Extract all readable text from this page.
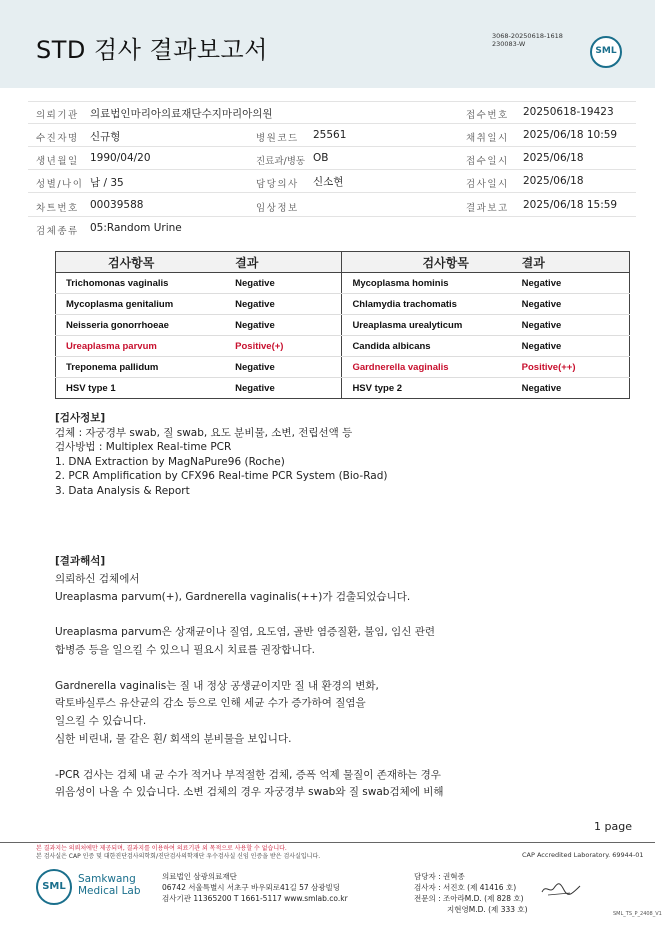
STD 검사 결과보고서	3068-20250618-1618
230083-W
SML
의뢰기관 의료법인마리아의료재단수지마리아의원	접수번호 20250618-19423
수진자명 신규형	병원코드 25561	채취일시 2025/06/18 10:59
생년월일 1990/04/20	진료과/병동 OB	접수일시 2025/06/18
성별/나이 남 / 35	담당의사 신소현	검사일시 2025/06/18
차트번호 00039588	임상정보	결과보고 2025/06/18 15:59
검체종류 05:Random Urine
검사항목	결과	검사항목	결과
Trichomonas vaginalis	Negative	Mycoplasma hominis	Negative
Mycoplasma genitalium	Negative	Chlamydia trachomatis	Negative
Neisseria gonorrhoeae	Negative	Ureaplasma urealyticum	Negative
Ureaplasma parvum	Positive(+)	Candida albicans	Negative
Treponema pallidum	Negative	Gardnerella vaginalis	Positive(++)
HSV type 1	Negative	HSV type 2	Negative
[검사정보]
검체 : 자궁경부 swab, 질 swab, 요도 분비물, 소변, 전립선액 등
검사방법 : Multiplex Real-time PCR
1. DNA Extraction by MagNaPure96 (Roche)
2. PCR Amplification by CFX96 Real-time PCR System (Bio-Rad)
3. Data Analysis & Report
[결과해석]
의뢰하신 검체에서
Ureaplasma parvum(+), Gardnerella vaginalis(++)가 검출되었습니다.
Ureaplasma parvum은 상재균이나 질염, 요도염, 골반 염증질환, 불임, 임신 관련
합병증 등을 일으킬 수 있으니 필요시 치료를 권장합니다.
Gardnerella vaginalis는 질 내 정상 공생균이지만 질 내 환경의 변화,
락토바실루스 유산균의 감소 등으로 인해 세균 수가 증가하여 질염을
일으킬 수 있습니다.
심한 비린내, 물 같은 흰/ 회색의 분비물을 보입니다.
-PCR 검사는 검체 내 균 수가 적거나 부적절한 검체, 증폭 억제 물질이 존재하는 경우
위음성이 나올 수 있습니다. 소변 검체의 경우 자궁경부 swab와 질 swab검체에 비해
1 page
본 결과지는 의뢰처에만 제공되며, 결과지를 이용하여 의료기관 외 목적으로 사용할 수 없습니다.
본 검사실은 CAP 인증 및 대한진단검사의학회/진단검사의학재단 우수검사실 신임 인증을 받은 검사실입니다.	CAP Accredited Laboratory. 69944-01
SML
Samkwang
Medical Lab
의료법인 삼광의료재단
06742 서울특별시 서초구 바우뫼로41길 57 삼광빌딩
검사기관 11365200 T 1661-5117 www.smlab.co.kr
담당자 : 권혁종
검사자 : 서진호 (제 41416 호)
전문의 : 조아라M.D. (제 828 호)
지현영M.D. (제 333 호)	SML_TS_P_2408_V1
